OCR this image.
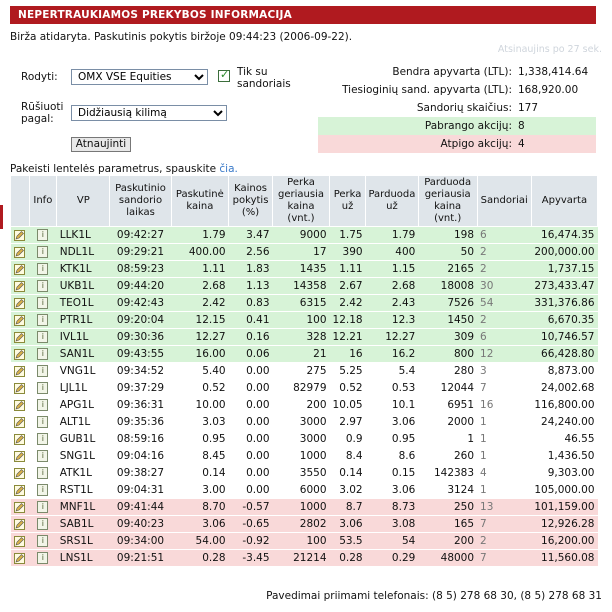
NEPERTRAUKIAMOS PREKYBOS INFORMACIJA
Birža atidaryta. Paskutinis pokytis biržoje 09:44:23 (2006-09-22).
Atsinaujins po 27 sek.
Rodyti:
OMX VSE Equities	✓ Tik su sandoriais
Rūšiuoti pagal:
Didžiausią kilimą
Atnaujinti
Bendra apyvarta (LTL): 1,338,414.64
Tiesioginių sand. apyvarta (LTL): 168,920.00
Sandorių skaičius: 177
Pabrango akcijų: 8
Atpigo akcijų: 4
Pakeisti lentelės parametrus, spauskite čia.
	Info	VP	Paskutinio sandorio laikas	Paskutinė kaina	Kainos pokytis (%)	Perka geriausia kaina (vnt.)	Perka už	Parduoda už	Parduoda geriausia kaina (vnt.)	Sandoriai	Apyvarta
	i	LLK1L	09:42:27	1.79	3.47	9000	1.75	1.79	198	6	16,474.35
	i	NDL1L	09:29:21	400.00	2.56	17	390	400	50	2	200,000.00
	i	KTK1L	08:59:23	1.11	1.83	1435	1.11	1.15	2165	2	1,737.15
	i	UKB1L	09:44:20	2.68	1.13	14358	2.67	2.68	18008	30	273,433.47
	i	TEO1L	09:42:43	2.42	0.83	6315	2.42	2.43	7526	54	331,376.86
	i	PTR1L	09:20:04	12.15	0.41	100	12.18	12.3	1450	2	6,670.35
	i	IVL1L	09:30:36	12.27	0.16	328	12.21	12.27	309	6	10,746.57
	i	SAN1L	09:43:55	16.00	0.06	21	16	16.2	800	12	66,428.80
	i	VNG1L	09:34:52	5.40	0.00	275	5.25	5.4	280	3	8,873.00
	i	LJL1L	09:37:29	0.52	0.00	82979	0.52	0.53	12044	7	24,002.68
	i	APG1L	09:36:31	10.00	0.00	200	10.05	10.1	6951	16	116,800.00
	i	ALT1L	09:35:36	3.03	0.00	3000	2.97	3.06	2000	1	24,240.00
	i	GUB1L	08:59:16	0.95	0.00	3000	0.9	0.95	1	1	46.55
	i	SNG1L	09:04:16	8.45	0.00	1000	8.4	8.6	260	1	1,436.50
	i	ATK1L	09:38:27	0.14	0.00	3550	0.14	0.15	142383	4	9,303.00
	i	RST1L	09:04:31	3.00	0.00	6000	3.02	3.06	3124	1	105,000.00
	i	MNF1L	09:41:44	8.70	-0.57	1000	8.7	8.73	250	13	101,159.00
	i	SAB1L	09:40:23	3.06	-0.65	2802	3.06	3.08	165	7	12,926.28
	i	SRS1L	09:34:00	54.00	-0.92	100	53.5	54	200	2	16,200.00
	i	LNS1L	09:21:51	0.28	-3.45	21214	0.28	0.29	48000	7	11,560.08
Pavedimai priimami telefonais: (8 5) 278 68 30, (8 5) 278 68 31
